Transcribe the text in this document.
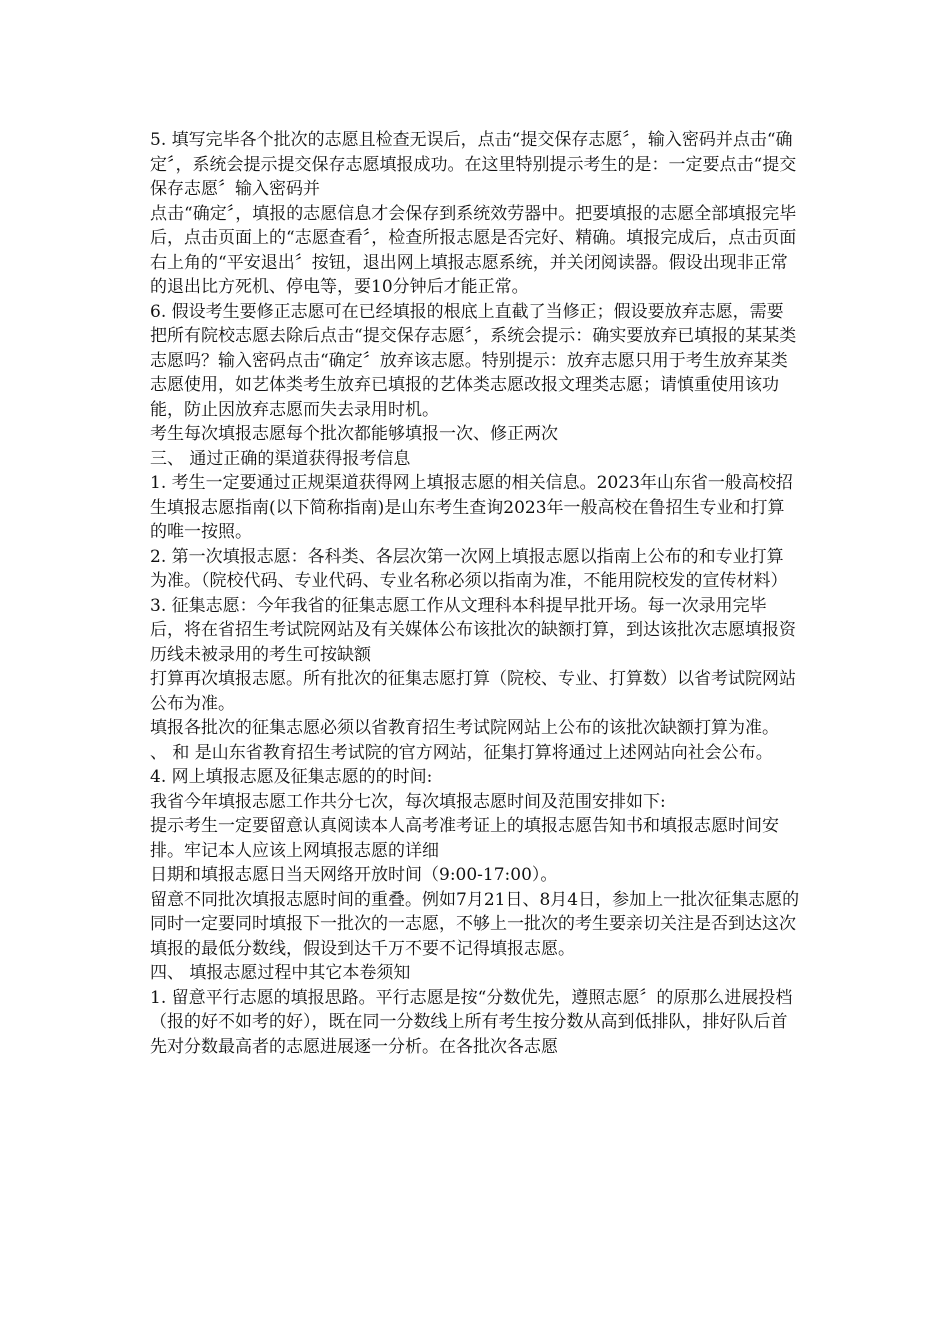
5. 填写完毕各个批次的志愿且检查无误后，点击“提交保存志愿〞，输入密码并点击“确定〞，系统会提示提交保存志愿填报成功。在这里特别提示考生的是：一定要点击“提交保存志愿〞输入密码并

点击“确定〞，填报的志愿信息才会保存到系统效劳器中。把要填报的志愿全部填报完毕后，点击页面上的“志愿查看〞，检查所报志愿是否完好、精确。填报完成后，点击页面右上角的“平安退出〞按钮，退出网上填报志愿系统，并关闭阅读器。假设出现非正常的退出比方死机、停电等，要10分钟后才能正常。

6. 假设考生要修正志愿可在已经填报的根底上直截了当修正；假设要放弃志愿，需要把所有院校志愿去除后点击“提交保存志愿〞，系统会提示：确实要放弃已填报的某某类志愿吗？输入密码点击“确定〞放弃该志愿。特别提示：放弃志愿只用于考生放弃某类志愿使用，如艺体类考生放弃已填报的艺体类志愿改报文理类志愿；请慎重使用该功能，防止因放弃志愿而失去录用时机。

考生每次填报志愿每个批次都能够填报一次、修正两次

三、 通过正确的渠道获得报考信息

1. 考生一定要通过正规渠道获得网上填报志愿的相关信息。2023年山东省一般高校招生填报志愿指南(以下简称指南)是山东考生查询2023年一般高校在鲁招生专业和打算的唯一按照。

2. 第一次填报志愿：各科类、各层次第一次网上填报志愿以指南上公布的和专业打算为准。（院校代码、专业代码、专业名称必须以指南为准，不能用院校发的宣传材料）

3. 征集志愿：今年我省的征集志愿工作从文理科本科提早批开场。每一次录用完毕后，将在省招生考试院网站及有关媒体公布该批次的缺额打算，到达该批次志愿填报资历线未被录用的考生可按缺额

打算再次填报志愿。所有批次的征集志愿打算（院校、专业、打算数）以省考试院网站公布为准。

填报各批次的征集志愿必须以省教育招生考试院网站上公布的该批次缺额打算为准。

、 和 是山东省教育招生考试院的官方网站，征集打算将通过上述网站向社会公布。

4. 网上填报志愿及征集志愿的的时间:

我省今年填报志愿工作共分七次，每次填报志愿时间及范围安排如下:

提示考生一定要留意认真阅读本人高考准考证上的填报志愿告知书和填报志愿时间安排。牢记本人应该上网填报志愿的详细

日期和填报志愿日当天网络开放时间（9:00-17:00）。

留意不同批次填报志愿时间的重叠。例如7月21日、8月4日，参加上一批次征集志愿的同时一定要同时填报下一批次的一志愿，不够上一批次的考生要亲切关注是否到达这次填报的最低分数线，假设到达千万不要不记得填报志愿。

四、 填报志愿过程中其它本卷须知

1. 留意平行志愿的填报思路。平行志愿是按“分数优先，遵照志愿〞的原那么进展投档（报的好不如考的好），既在同一分数线上所有考生按分数从高到低排队，排好队后首先对分数最高者的志愿进展逐一分析。在各批次各志愿
